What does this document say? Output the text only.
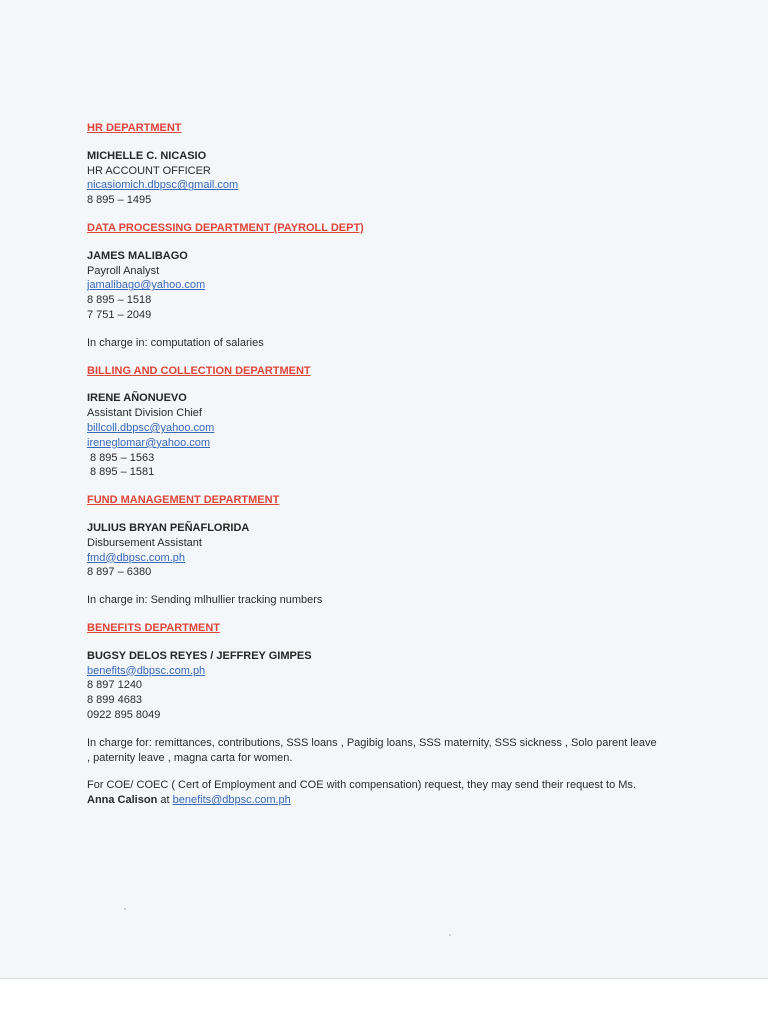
HR DEPARTMENT
MICHELLE C. NICASIO
HR ACCOUNT OFFICER
nicasiomich.dbpsc@gmail.com
8 895 – 1495
DATA PROCESSING DEPARTMENT (PAYROLL DEPT)
JAMES MALIBAGO
Payroll Analyst
jamalibago@yahoo.com
8 895 – 1518
7 751 – 2049
In charge in: computation of salaries
BILLING AND COLLECTION DEPARTMENT
IRENE AÑONUEVO
Assistant Division Chief
billcoll.dbpsc@yahoo.com
ireneglomar@yahoo.com
8 895 – 1563
8 895 – 1581
FUND MANAGEMENT DEPARTMENT
JULIUS BRYAN PEÑAFLORIDA
Disbursement Assistant
fmd@dbpsc.com.ph
8 897 – 6380
In charge in: Sending mlhullier tracking numbers
BENEFITS DEPARTMENT
BUGSY DELOS REYES / JEFFREY GIMPES
benefits@dbpsc.com.ph
8 897 1240
8 899 4683
0922 895 8049
In charge for: remittances, contributions, SSS loans , Pagibig loans, SSS maternity, SSS sickness , Solo parent leave
, paternity leave , magna carta for women.
For COE/ COEC ( Cert of Employment and COE with compensation) request, they may send their request to Ms.
Anna Calison at benefits@dbpsc.com.ph
